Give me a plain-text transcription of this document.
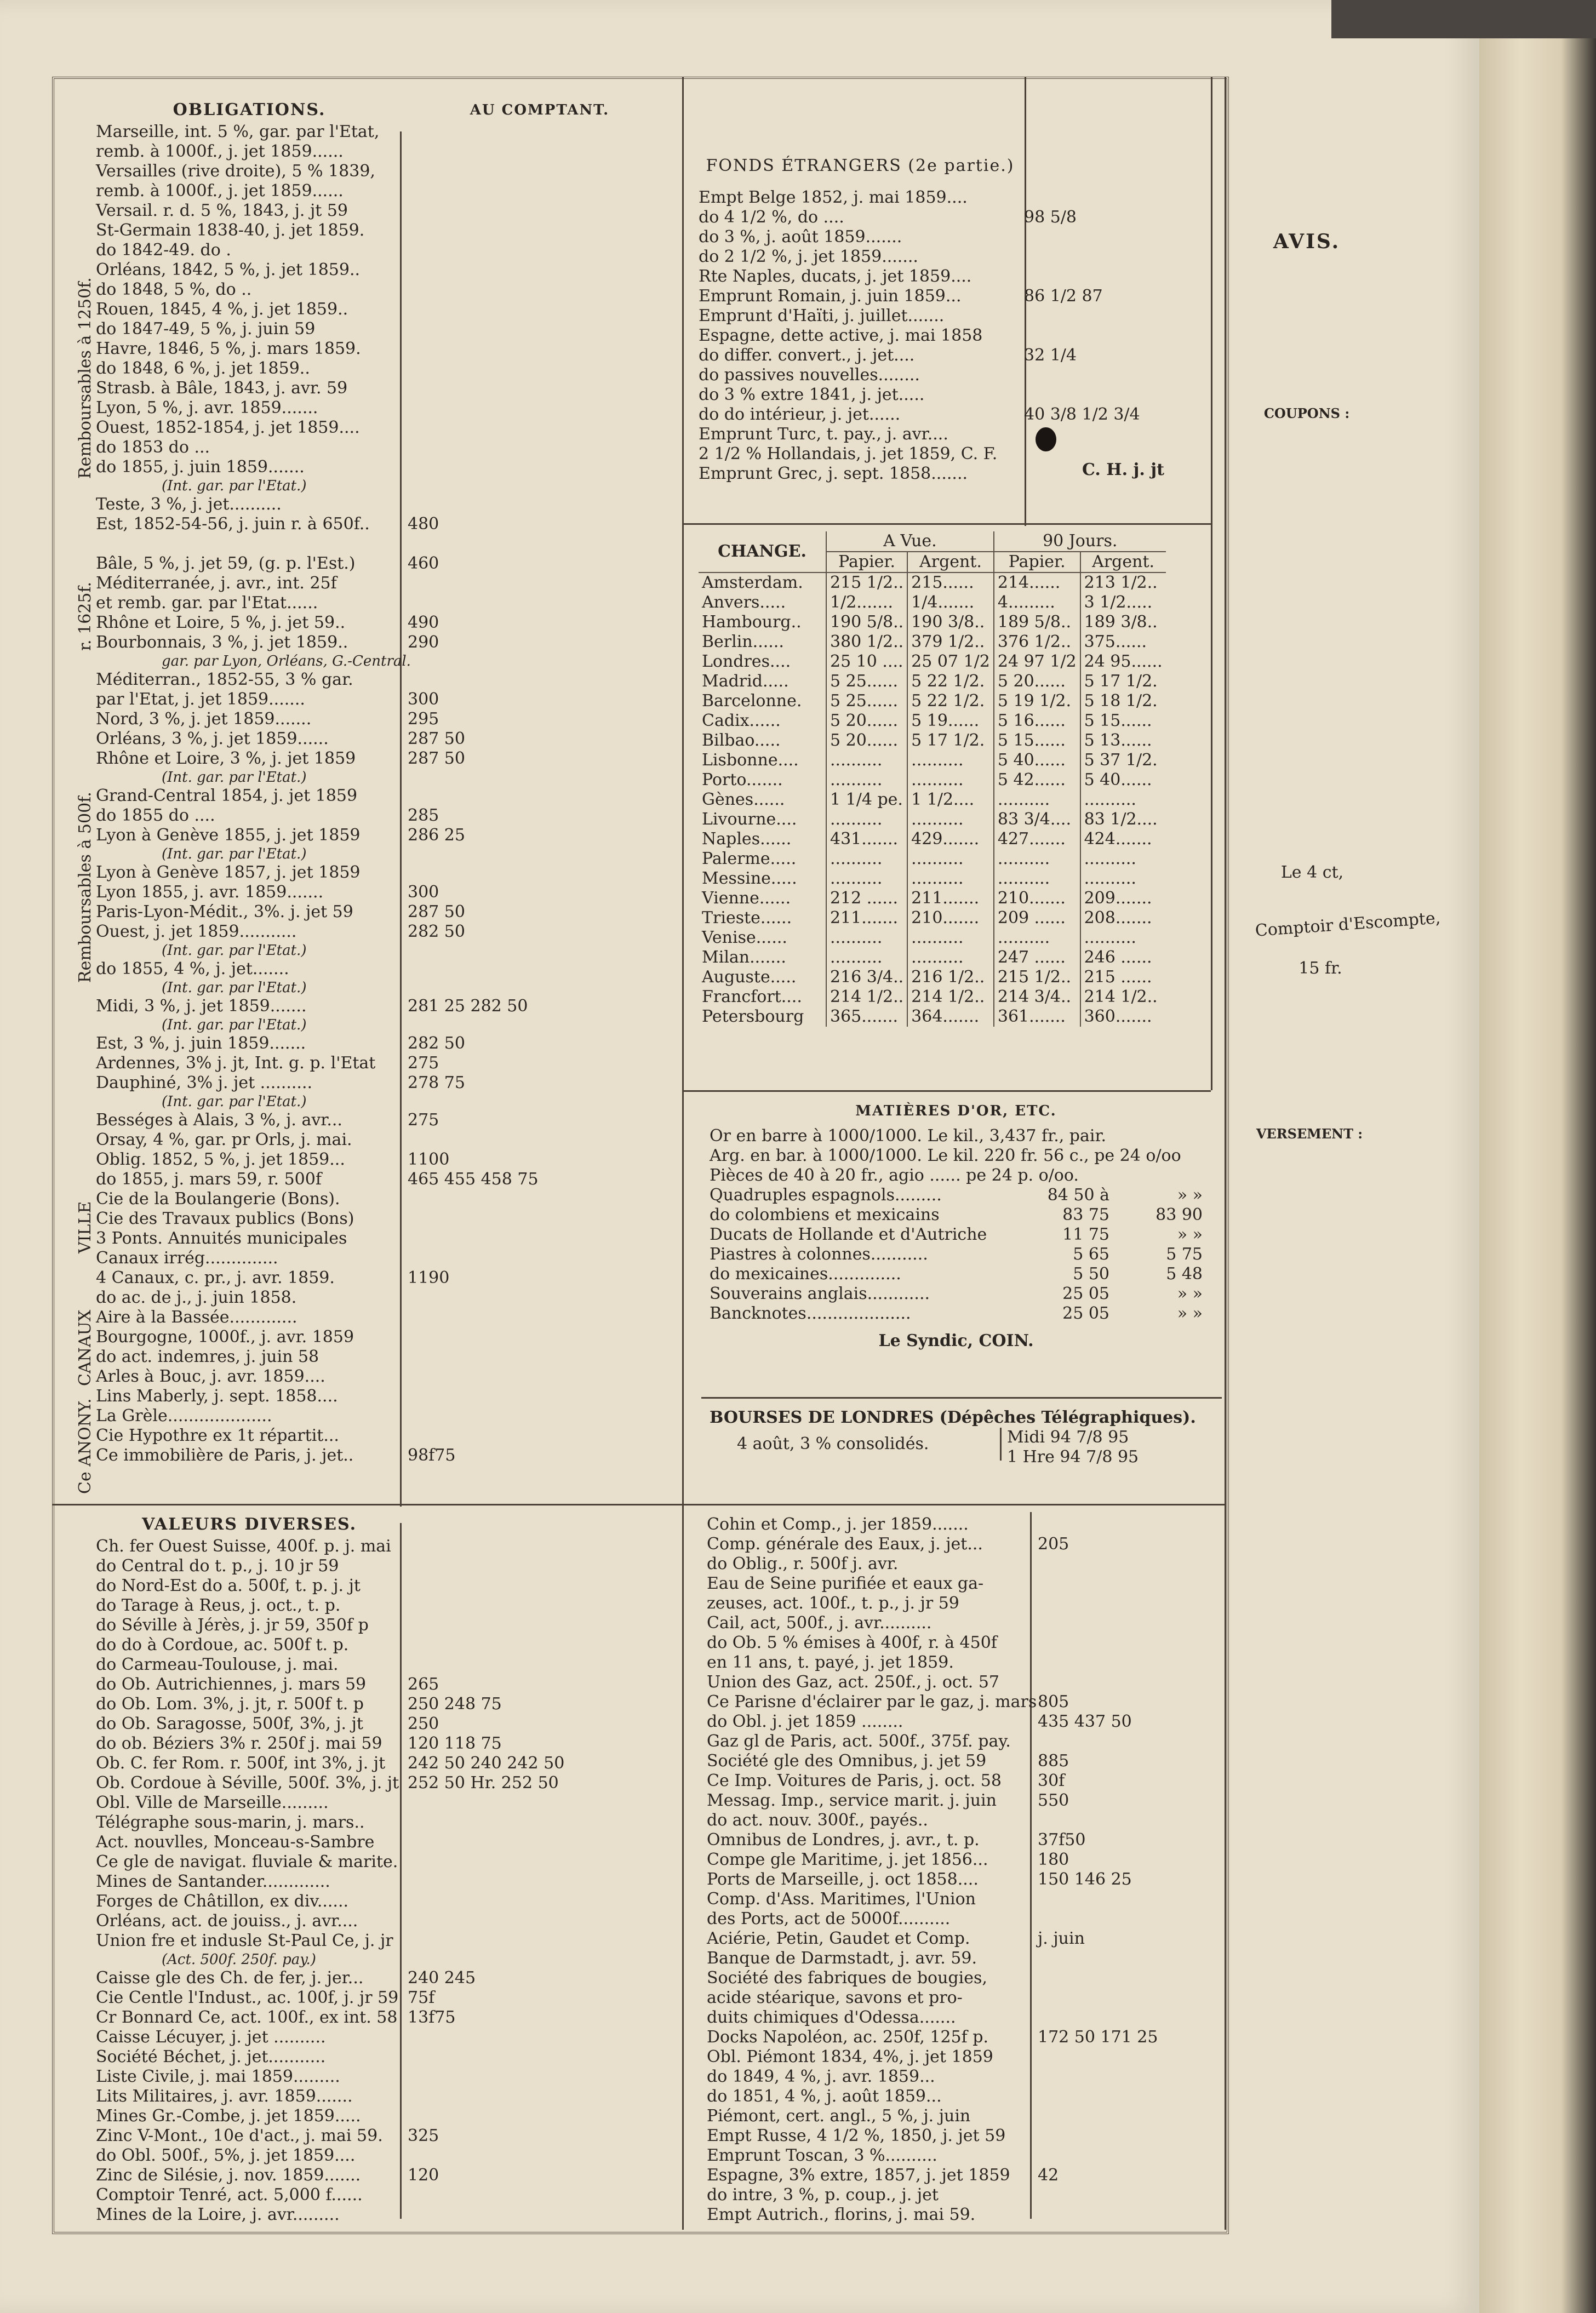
Remboursables à 1250f.
r. 1625f.
Remboursables à 500f.
VILLE
CANAUX
Ce ANONY.
OBLIGATIONS.	AU COMPTANT.
Marseille, int. 5 %, gar. par l'Etat,
remb. à 1000f., j. jet 1859......
Versailles (rive droite), 5 % 1839,
remb. à 1000f., j. jet 1859......
Versail. r. d. 5 %, 1843, j. jt 59
St-Germain 1838-40, j. jet 1859.
do 1842-49. do .
Orléans, 1842, 5 %, j. jet 1859..
do 1848, 5 %, do ..
Rouen, 1845, 4 %, j. jet 1859..
do 1847-49, 5 %, j. juin 59
Havre, 1846, 5 %, j. mars 1859.
do 1848, 6 %, j. jet 1859..
Strasb. à Bâle, 1843, j. avr. 59
Lyon, 5 %, j. avr. 1859.......
Ouest, 1852-1854, j. jet 1859....
do 1853 do ...
do 1855, j. juin 1859.......
(Int. gar. par l'Etat.)
Teste, 3 %, j. jet..........
Est, 1852-54-56, j. juin r. à 650f..	480
Bâle, 5 %, j. jet 59, (g. p. l'Est.)	460
Méditerranée, j. avr., int. 25f
et remb. gar. par l'Etat......
Rhône et Loire, 5 %, j. jet 59..	490
Bourbonnais, 3 %, j. jet 1859..	290
gar. par Lyon, Orléans, G.-Central.
Méditerran., 1852-55, 3 % gar.
par l'Etat, j. jet 1859.......	300
Nord, 3 %, j. jet 1859.......	295
Orléans, 3 %, j. jet 1859......	287 50
Rhône et Loire, 3 %, j. jet 1859	287 50
(Int. gar. par l'Etat.)
Grand-Central 1854, j. jet 1859
do 1855 do ....	285
Lyon à Genève 1855, j. jet 1859	286 25
(Int. gar. par l'Etat.)
Lyon à Genève 1857, j. jet 1859
Lyon 1855, j. avr. 1859.......	300
Paris-Lyon-Médit., 3%. j. jet 59	287 50
Ouest, j. jet 1859...........	282 50
(Int. gar. par l'Etat.)
do 1855, 4 %, j. jet.......
(Int. gar. par l'Etat.)
Midi, 3 %, j. jet 1859.......	281 25 282 50
(Int. gar. par l'Etat.)
Est, 3 %, j. juin 1859.......	282 50
Ardennes, 3% j. jt, Int. g. p. l'Etat	275
Dauphiné, 3% j. jet ..........	278 75
(Int. gar. par l'Etat.)
Bességes à Alais, 3 %, j. avr...	275
Orsay, 4 %, gar. pr Orls, j. mai.
Oblig. 1852, 5 %, j. jet 1859...	1100
do 1855, j. mars 59, r. 500f	465 455 458 75
Cie de la Boulangerie (Bons).
Cie des Travaux publics (Bons)
3 Ponts. Annuités municipales
Canaux irrég..............
4 Canaux, c. pr., j. avr. 1859.	1190
do ac. de j., j. juin 1858.
Aire à la Bassée.............
Bourgogne, 1000f., j. avr. 1859
do act. indemres, j. juin 58
Arles à Bouc, j. avr. 1859....
Lins Maberly, j. sept. 1858....
La Grèle....................
Cie Hypothre ex 1t répartit...
Ce immobilière de Paris, j. jet..	98f75
VALEURS DIVERSES.
Ch. fer Ouest Suisse, 400f. p. j. mai
do Central do t. p., j. 10 jr 59
do Nord-Est do a. 500f, t. p. j. jt
do Tarage à Reus, j. oct., t. p.
do Séville à Jérès, j. jr 59, 350f p
do do à Cordoue, ac. 500f t. p.
do Carmeau-Toulouse, j. mai.
do Ob. Autrichiennes, j. mars 59	265
do Ob. Lom. 3%, j. jt, r. 500f t. p	250 248 75
do Ob. Saragosse, 500f, 3%, j. jt	250
do ob. Béziers 3% r. 250f j. mai 59	120 118 75
Ob. C. fer Rom. r. 500f, int 3%, j. jt	242 50 240 242 50
Ob. Cordoue à Séville, 500f. 3%, j. jt 252 50 Hr. 252 50
Obl. Ville de Marseille.........
Télégraphe sous-marin, j. mars..
Act. nouvlles, Monceau-s-Sambre
Ce gle de navigat. fluviale & marite.
Mines de Santander.............
Forges de Châtillon, ex div......
Orléans, act. de jouiss., j. avr....
Union fre et indusle St-Paul Ce, j. jr
(Act. 500f. 250f. pay.)
Caisse gle des Ch. de fer, j. jer...	240 245
Cie Centle l'Indust., ac. 100f, j. jr 59 75f
Cr Bonnard Ce, act. 100f., ex int. 58 13f75
Caisse Lécuyer, j. jet ..........
Société Béchet, j. jet...........
Liste Civile, j. mai 1859.........
Lits Militaires, j. avr. 1859.......
Mines Gr.-Combe, j. jet 1859.....
Zinc V-Mont., 10e d'act., j. mai 59.	325
do Obl. 500f., 5%, j. jet 1859....
Zinc de Silésie, j. nov. 1859.......	120
Comptoir Tenré, act. 5,000 f......
Mines de la Loire, j. avr.........
FONDS ÉTRANGERS (2e partie.)
Empt Belge 1852, j. mai 1859....
do 4 1/2 %, do ....	98 5/8
do 3 %, j. août 1859.......
do 2 1/2 %, j. jet 1859.......
Rte Naples, ducats, j. jet 1859....
Emprunt Romain, j. juin 1859...	86 1/2 87
Emprunt d'Haïti, j. juillet.......
Espagne, dette active, j. mai 1858
do differ. convert., j. jet....	32 1/4
do passives nouvelles........
do 3 % extre 1841, j. jet.....
do do intérieur, j. jet......	40 3/8 1/2 3/4
Emprunt Turc, t. pay., j. avr....
2 1/2 % Hollandais, j. jet 1859, C. F.
Emprunt Grec, j. sept. 1858.......	C. H. j. jt
CHANGE.	A Vue.		90 Jours.	
	Papier.	Argent.	Papier.	Argent.
Amsterdam.	215 1/2..	215......	214......	213 1/2..
Anvers.....	1/2.......	1/4.......	4.........	3 1/2.....
Hambourg..	190 5/8..	190 3/8..	189 5/8..	189 3/8..
Berlin......	380 1/2..	379 1/2..	376 1/2..	375......
Londres....	25 10 ....	25 07 1/2	24 97 1/2	24 95......
Madrid.....	5 25......	5 22 1/2.	5 20......	5 17 1/2.
Barcelonne.	5 25......	5 22 1/2.	5 19 1/2.	5 18 1/2.
Cadix......	5 20......	5 19......	5 16......	5 15......
Bilbao.....	5 20......	5 17 1/2.	5 15......	5 13......
Lisbonne....	..........	..........	5 40......	5 37 1/2.
Porto.......	..........	..........	5 42......	5 40......
Gènes......	1 1/4 pe.	1 1/2....	..........	..........
Livourne....	..........	..........	83 3/4....	83 1/2....
Naples......	431.......	429.......	427.......	424.......
Palerme.....	..........	..........	..........	..........
Messine.....	..........	..........	..........	..........
Vienne......	212 ......	211.......	210.......	209.......
Trieste......	211.......	210.......	209 ......	208.......
Venise......	..........	..........	..........	..........
Milan.......	..........	..........	247 ......	246 ......
Auguste.....	216 3/4..	216 1/2..	215 1/2..	215 ......
Francfort....	214 1/2..	214 1/2..	214 3/4..	214 1/2..
Petersbourg	365.......	364.......	361.......	360.......
MATIÈRES D'OR, ETC.
Or en barre à 1000/1000. Le kil., 3,437 fr., pair.
Arg. en bar. à 1000/1000. Le kil. 220 fr. 56 c., pe 24 o/oo
Pièces de 40 à 20 fr., agio ...... pe 24 p. o/oo.
Quadruples espagnols.........	84 50 à	» »
do colombiens et mexicains	83 75	83 90
Ducats de Hollande et d'Autriche	11 75	» »
Piastres à colonnes...........	5 65	5 75
do mexicaines..............	5 50	5 48
Souverains anglais............	25 05	» »
Bancknotes....................	25 05	» »
Le Syndic, COIN.
BOURSES DE LONDRES (Dépêches Télégraphiques).
4 août, 3 % consolidés.	Midi 94 7/8 95
1 Hre 94 7/8 95
Cohin et Comp., j. jer 1859.......
Comp. générale des Eaux, j. jet...	205
do Oblig., r. 500f j. avr.
Eau de Seine purifiée et eaux ga-
zeuses, act. 100f., t. p., j. jr 59
Cail, act, 500f., j. avr..........
do Ob. 5 % émises à 400f, r. à 450f
en 11 ans, t. payé, j. jet 1859.
Union des Gaz, act. 250f., j. oct. 57
Ce Parisne d'éclairer par le gaz, j. mars 805
do Obl. j. jet 1859 ........	435 437 50
Gaz gl de Paris, act. 500f., 375f. pay.
Société gle des Omnibus, j. jet 59	885
Ce Imp. Voitures de Paris, j. oct. 58	30f
Messag. Imp., service marit. j. juin	550
do act. nouv. 300f., payés..
Omnibus de Londres, j. avr., t. p.	37f50
Compe gle Maritime, j. jet 1856...	180
Ports de Marseille, j. oct 1858....	150 146 25
Comp. d'Ass. Maritimes, l'Union
des Ports, act de 5000f..........
Aciérie, Petin, Gaudet et Comp.	j. juin
Banque de Darmstadt, j. avr. 59.
Société des fabriques de bougies,
acide stéarique, savons et pro-
duits chimiques d'Odessa.......
Docks Napoléon, ac. 250f, 125f p.	172 50 171 25
Obl. Piémont 1834, 4%, j. jet 1859
do 1849, 4 %, j. avr. 1859...
do 1851, 4 %, j. août 1859...
Piémont, cert. angl., 5 %, j. juin
Empt Russe, 4 1/2 %, 1850, j. jet 59
Emprunt Toscan, 3 %..........
Espagne, 3% extre, 1857, j. jet 1859	42
do intre, 3 %, p. coup., j. jet
Empt Autrich., florins, j. mai 59.
AVIS.
COUPONS :
Le 4 ct,
Comptoir d'Escompte,
15 fr.
VERSEMENT :
